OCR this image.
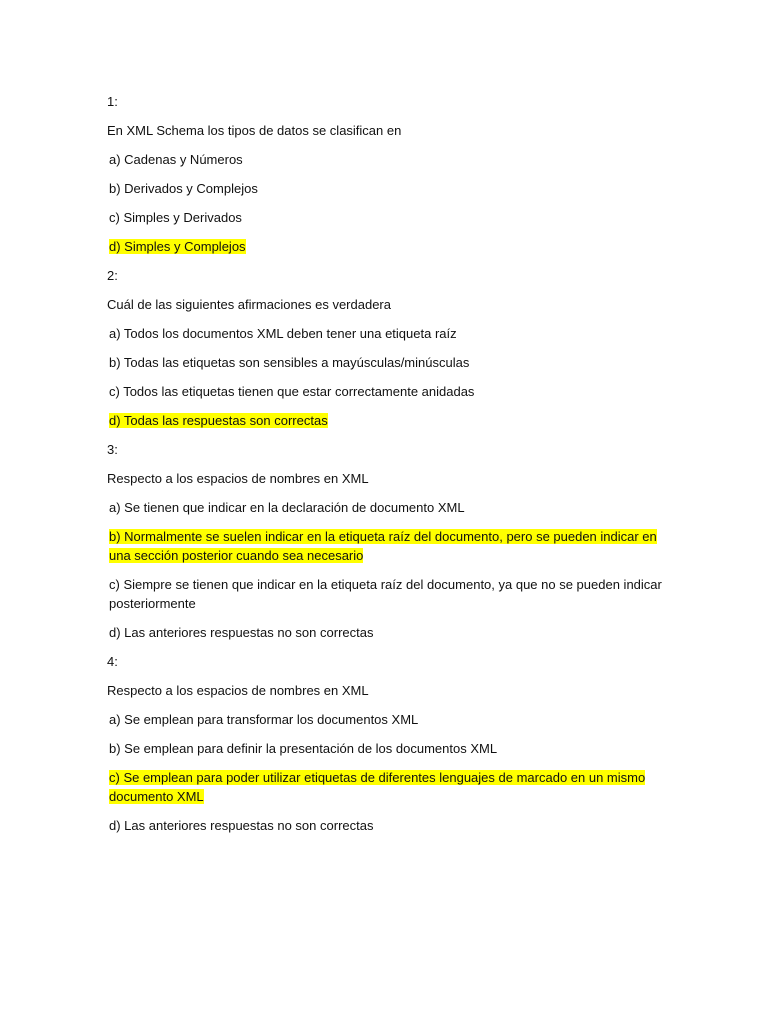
1:
En XML Schema los tipos de datos se clasifican en
a) Cadenas y Números
b) Derivados y Complejos
c) Simples y Derivados
d) Simples y Complejos
2:
Cuál de las siguientes afirmaciones es verdadera
a) Todos los documentos XML deben tener una etiqueta raíz
b) Todas las etiquetas son sensibles a mayúsculas/minúsculas
c) Todos las etiquetas tienen que estar correctamente anidadas
d) Todas las respuestas son correctas
3:
Respecto a los espacios de nombres en XML
a) Se tienen que indicar en la declaración de documento XML
b) Normalmente se suelen indicar en la etiqueta raíz del documento, pero se pueden indicar en una sección posterior cuando sea necesario
c) Siempre se tienen que indicar en la etiqueta raíz del documento, ya que no se pueden indicar posteriormente
d) Las anteriores respuestas no son correctas
4:
Respecto a los espacios de nombres en XML
a) Se emplean para transformar los documentos XML
b) Se emplean para definir la presentación de los documentos XML
c) Se emplean para poder utilizar etiquetas de diferentes lenguajes de marcado en un mismo documento XML
d) Las anteriores respuestas no son correctas
